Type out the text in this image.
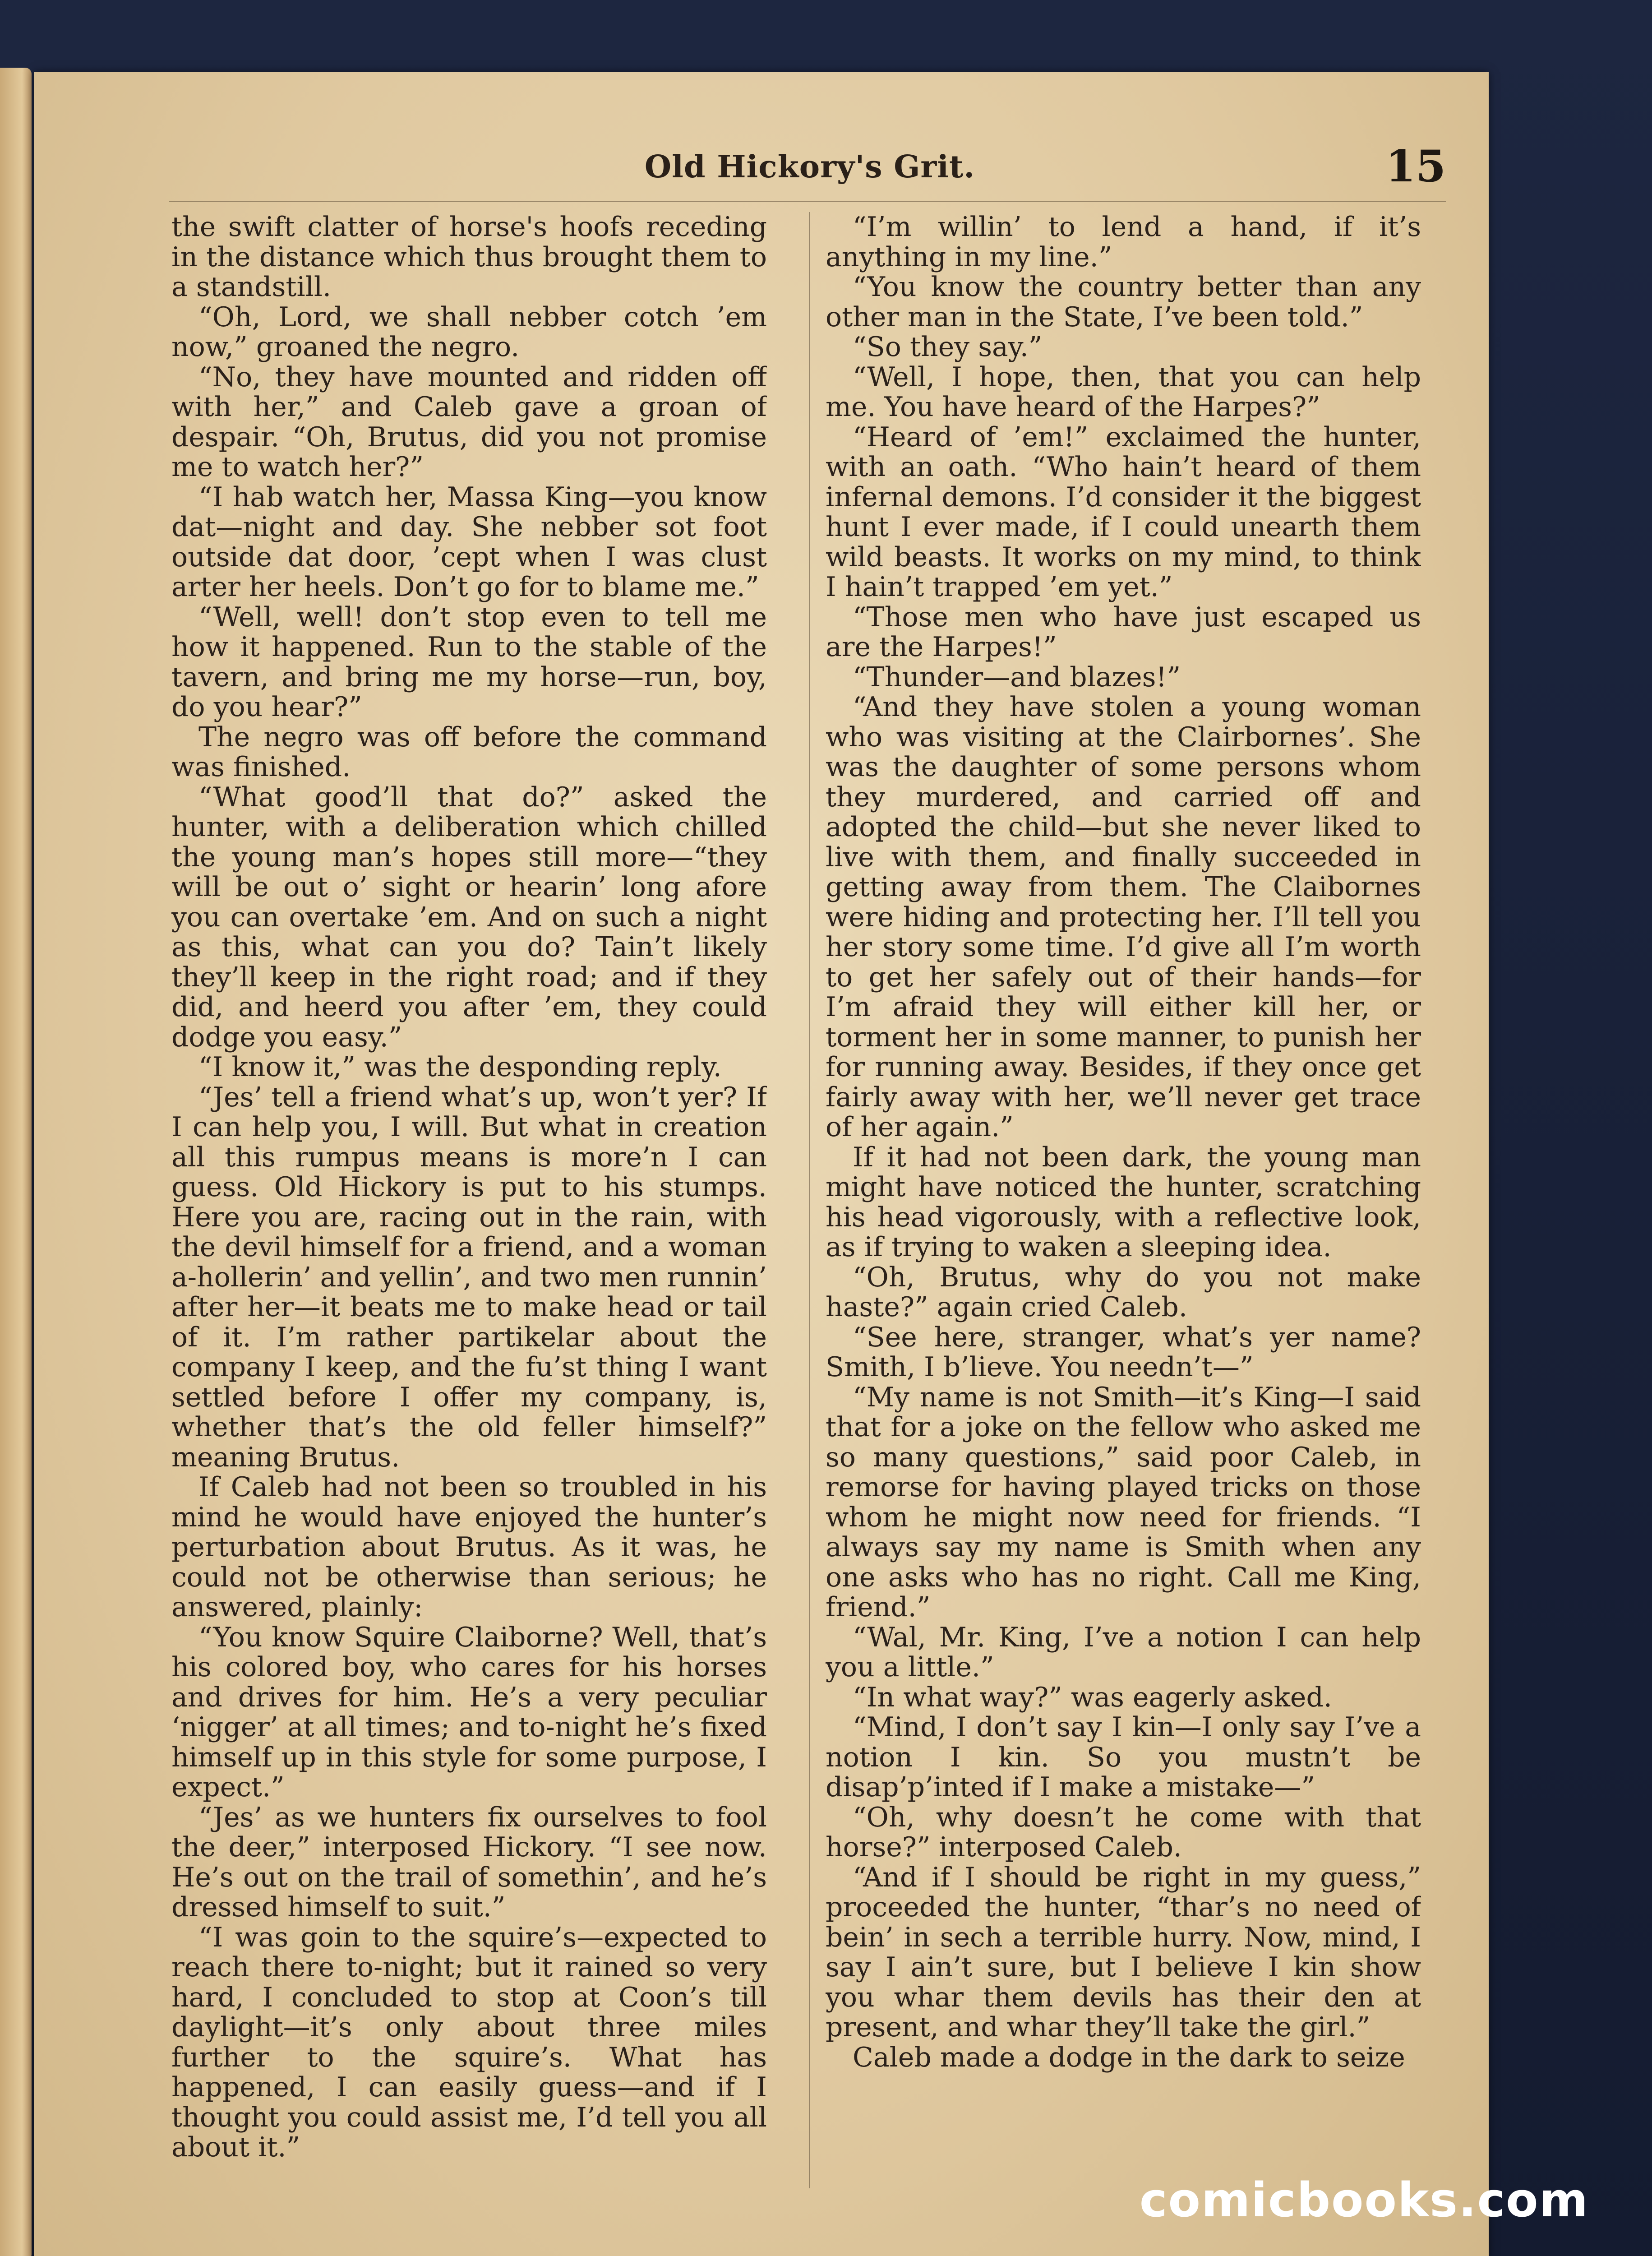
Old Hickory's Grit.	15

the swift clatter of horse's hoofs receding in the distance which thus brought them to a standstill.

“Oh, Lord, we shall nebber cotch ’em now,” groaned the negro.

“No, they have mounted and ridden off with her,” and Caleb gave a groan of despair. “Oh, Brutus, did you not promise me to watch her?”

“I hab watch her, Massa King—you know dat—night and day. She nebber sot foot outside dat door, ’cept when I was clust arter her heels. Don’t go for to blame me.”

“Well, well! don’t stop even to tell me how it happened. Run to the stable of the tavern, and bring me my horse—run, boy, do you hear?”

The negro was off before the command was finished.

“What good’ll that do?” asked the hunter, with a deliberation which chilled the young man’s hopes still more—“they will be out o’ sight or hearin’ long afore you can overtake ’em. And on such a night as this, what can you do? Tain’t likely they’ll keep in the right road; and if they did, and heerd you after ’em, they could dodge you easy.”

“I know it,” was the desponding reply.

“Jes’ tell a friend what’s up, won’t yer? If I can help you, I will. But what in creation all this rumpus means is more’n I can guess. Old Hickory is put to his stumps. Here you are, racing out in the rain, with the devil himself for a friend, and a woman a-hollerin’ and yellin’, and two men runnin’ after her—it beats me to make head or tail of it. I’m rather partikelar about the company I keep, and the fu’st thing I want settled before I offer my company, is, whether that’s the old feller himself?” meaning Brutus.

If Caleb had not been so troubled in his mind he would have enjoyed the hunter’s perturbation about Brutus. As it was, he could not be otherwise than serious; he answered, plainly:

“You know Squire Claiborne? Well, that’s his colored boy, who cares for his horses and drives for him. He’s a very peculiar ‘nigger’ at all times; and to-night he’s fixed himself up in this style for some purpose, I expect.”

“Jes’ as we hunters fix ourselves to fool the deer,” interposed Hickory. “I see now. He’s out on the trail of somethin’, and he’s dressed himself to suit.”

“I was goin to the squire’s—expected to reach there to-night; but it rained so very hard, I concluded to stop at Coon’s till daylight—it’s only about three miles further to the squire’s. What has happened, I can easily guess—and if I thought you could assist me, I’d tell you all about it.”

“I’m willin’ to lend a hand, if it’s anything in my line.”

“You know the country better than any other man in the State, I’ve been told.”

“So they say.”

“Well, I hope, then, that you can help me. You have heard of the Harpes?”

“Heard of ’em!” exclaimed the hunter, with an oath. “Who hain’t heard of them infernal demons. I’d consider it the biggest hunt I ever made, if I could unearth them wild beasts. It works on my mind, to think I hain’t trapped ’em yet.”

“Those men who have just escaped us are the Harpes!”

“Thunder—and blazes!”

“And they have stolen a young woman who was visiting at the Clairbornes’. She was the daughter of some persons whom they murdered, and carried off and adopted the child—but she never liked to live with them, and finally succeeded in getting away from them. The Claibornes were hiding and protecting her. I’ll tell you her story some time. I’d give all I’m worth to get her safely out of their hands—for I’m afraid they will either kill her, or torment her in some manner, to punish her for running away. Besides, if they once get fairly away with her, we’ll never get trace of her again.”

If it had not been dark, the young man might have noticed the hunter, scratching his head vigorously, with a reflective look, as if trying to waken a sleeping idea.

“Oh, Brutus, why do you not make haste?” again cried Caleb.

“See here, stranger, what’s yer name? Smith, I b’lieve. You needn’t—”

“My name is not Smith—it’s King—I said that for a joke on the fellow who asked me so many questions,” said poor Caleb, in remorse for having played tricks on those whom he might now need for friends. “I always say my name is Smith when any one asks who has no right. Call me King, friend.”

“Wal, Mr. King, I’ve a notion I can help you a little.”

“In what way?” was eagerly asked.

“Mind, I don’t say I kin—I only say I’ve a notion I kin. So you mustn’t be disap’p’inted if I make a mistake—”

“Oh, why doesn’t he come with that horse?” interposed Caleb.

“And if I should be right in my guess,” proceeded the hunter, “thar’s no need of bein’ in sech a terrible hurry. Now, mind, I say I ain’t sure, but I believe I kin show you whar them devils has their den at present, and whar they’ll take the girl.”

Caleb made a dodge in the dark to seize

comicbooks.com
